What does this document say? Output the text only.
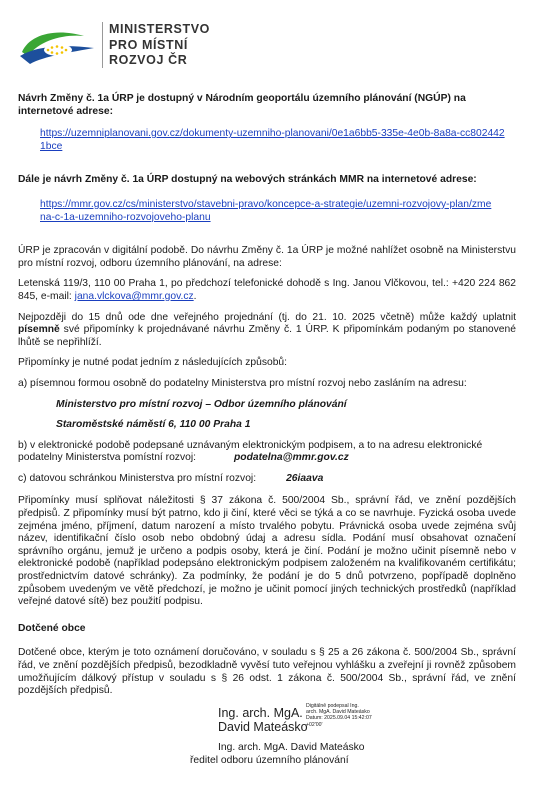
MINISTERSTVO
PRO MÍSTNÍ
ROZVOJ ČR

Návrh Změny č. 1a ÚRP je dostupný v Národním geoportálu územního plánování (NGÚP) na internetové adrese:

https://uzemniplanovani.gov.cz/dokumenty-uzemniho-planovani/0e1a6bb5-335e-4e0b-8a8a-cc8024421bce

Dále je návrh Změny č. 1a ÚRP dostupný na webových stránkách MMR na internetové adrese:

https://mmr.gov.cz/cs/ministerstvo/stavebni-pravo/koncepce-a-strategie/uzemni-rozvojovy-plan/zmena-c-1a-uzemniho-rozvojoveho-planu

ÚRP je zpracován v digitální podobě. Do návrhu Změny č. 1a ÚRP je možné nahlížet osobně na Ministerstvu pro místní rozvoj, odboru územního plánování, na adrese:

Letenská 119/3, 110 00 Praha 1, po předchozí telefonické dohodě s Ing. Janou Vlčkovou, tel.: +420 224 862 845, e-mail: jana.vlckova@mmr.gov.cz.

Nejpozději do 15 dnů ode dne veřejného projednání (tj. do 21. 10. 2025 včetně) může každý uplatnit písemně své připomínky k projednávané návrhu Změny č. 1 ÚRP. K připomínkám podaným po stanovené lhůtě se nepřihlíží.

Připomínky je nutné podat jedním z následujících způsobů:

a) písemnou formou osobně do podatelny Ministerstva pro místní rozvoj nebo zasláním na adresu:

Ministerstvo pro místní rozvoj – Odbor územního plánování

Staroměstské náměstí 6, 110 00 Praha 1

b) v elektronické podobě podepsané uznávaným elektronickým podpisem, a to na adresu elektronické podatelny Ministerstva pomístní rozvoj:	podatelna@mmr.gov.cz

c) datovou schránkou Ministerstva pro místní rozvoj:	26iaava

Připomínky musí splňovat náležitosti § 37 zákona č. 500/2004 Sb., správní řád, ve znění pozdějších předpisů. Z připomínky musí být patrno, kdo ji činí, které věci se týká a co se navrhuje. Fyzická osoba uvede zejména jméno, příjmení, datum narození a místo trvalého pobytu. Právnická osoba uvede zejména svůj název, identifikační číslo osob nebo obdobný údaj a adresu sídla. Podání musí obsahovat označení správního orgánu, jemuž je určeno a podpis osoby, která je činí. Podání je možno učinit písemně nebo v elektronické podobě (například podepsáno elektronickým podpisem založeném na kvalifikovaném certifikátu; prostřednictvím datové schránky). Za podmínky, že podání je do 5 dnů potvrzeno, popřípadě doplněno způsobem uvedeným ve větě předchozí, je možno je učinit pomocí jiných technických prostředků (například veřejné datové sítě) bez použití podpisu.

Dotčené obce

Dotčené obce, kterým je toto oznámení doručováno, v souladu s § 25 a 26 zákona č. 500/2004 Sb., správní řád, ve znění pozdějších předpisů, bezodkladně vyvěsí tuto veřejnou vyhlášku a zveřejní ji rovněž způsobem umožňujícím dálkový přístup v souladu s § 26 odst. 1 zákona č. 500/2004 Sb., správní řád, ve znění pozdějších předpisů.

Ing. arch. MgA.
David Mateásko
Digitálně podepsal Ing.
arch. MgA. David Mateásko
Datum: 2025.09.04 15:42:07
+02'00'
Ing. arch. MgA. David Mateásko
ředitel odboru územního plánování
